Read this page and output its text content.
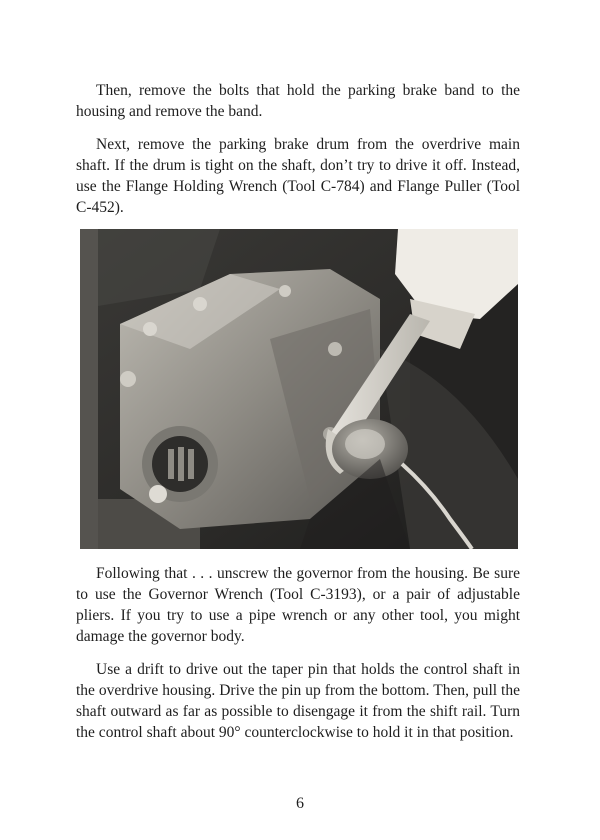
Then, remove the bolts that hold the parking brake band to the housing and remove the band.

Next, remove the parking brake drum from the overdrive main shaft. If the drum is tight on the shaft, don’t try to drive it off. Instead, use the Flange Holding Wrench (Tool C-784) and Flange Puller (Tool C-452).

Following that . . . unscrew the governor from the housing. Be sure to use the Governor Wrench (Tool C-3193), or a pair of adjustable pliers. If you try to use a pipe wrench or any other tool, you might damage the governor body.

Use a drift to drive out the taper pin that holds the control shaft in the overdrive housing. Drive the pin up from the bottom. Then, pull the shaft outward as far as possible to disengage it from the shift rail. Turn the control shaft about 90° counterclockwise to hold it in that position.

6
